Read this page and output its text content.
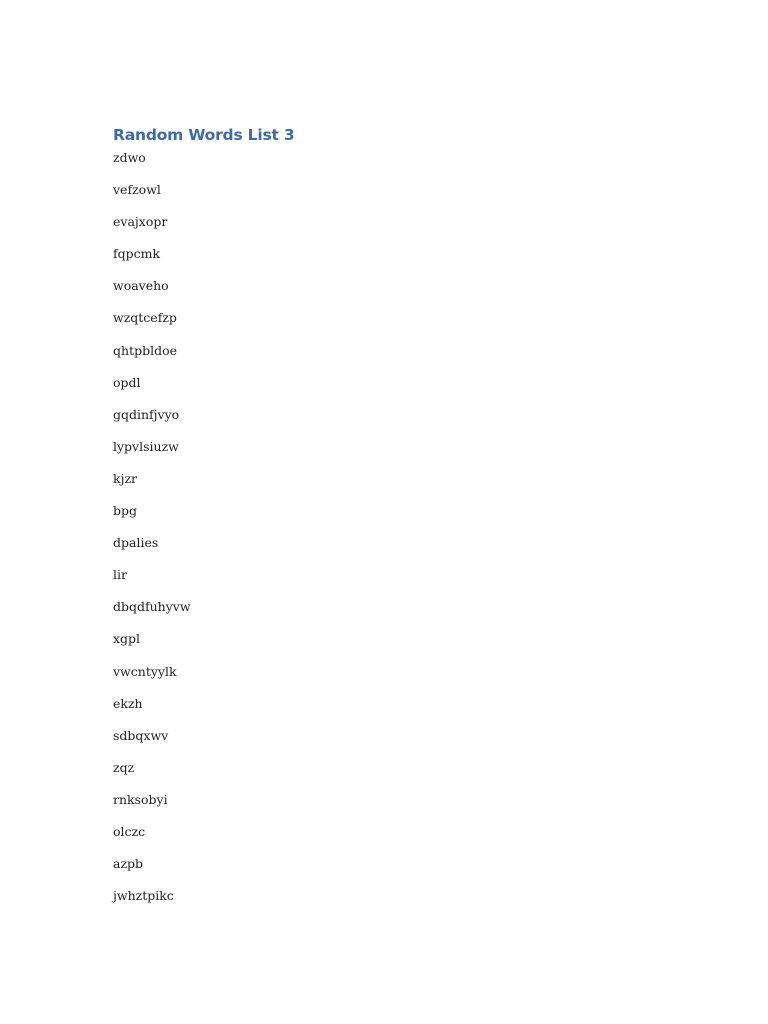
Random Words List 3
zdwo
vefzowl
evajxopr
fqpcmk
woaveho
wzqtcefzp
qhtpbldoe
opdl
gqdinfjvyo
lypvlsiuzw
kjzr
bpg
dpalies
lir
dbqdfuhyvw
xgpl
vwcntyylk
ekzh
sdbqxwv
zqz
rnksobyi
olczc
azpb
jwhztpikc
